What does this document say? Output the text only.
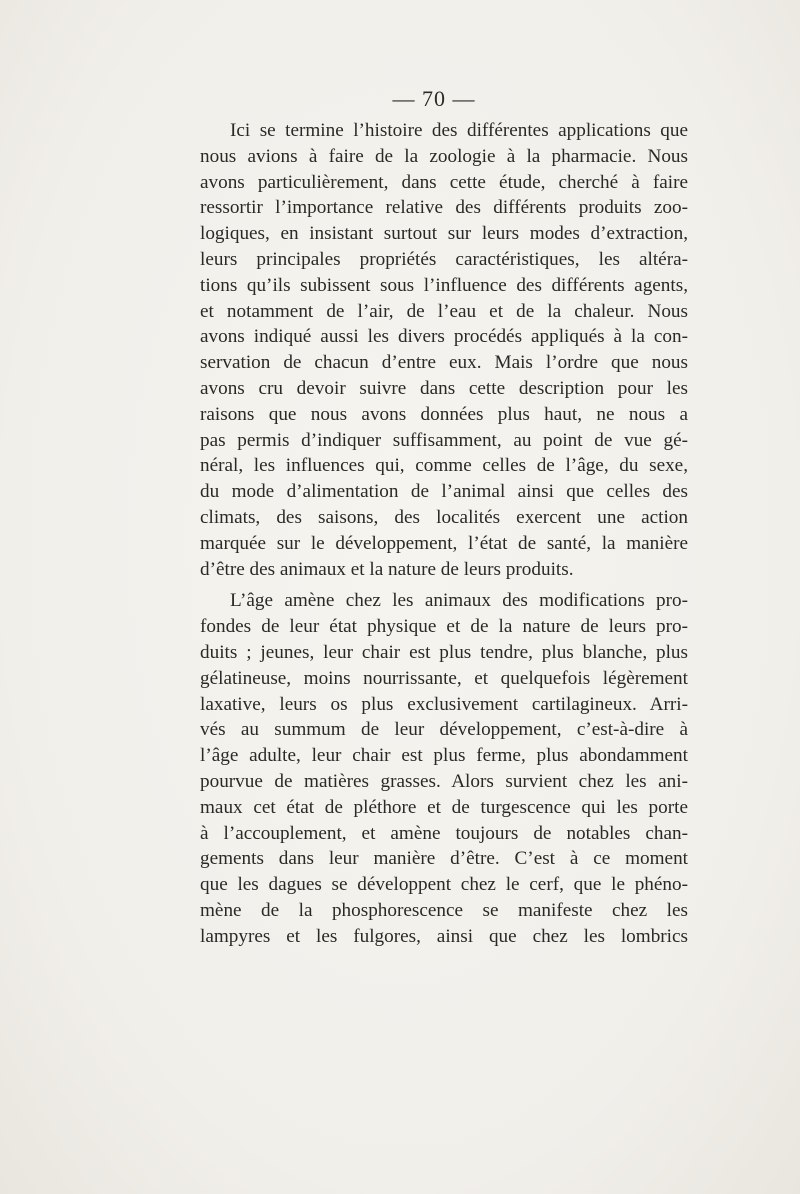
— 70 —
Ici se termine l’histoire des différentes applications que
nous avions à faire de la zoologie à la pharmacie. Nous
avons particulièrement, dans cette étude, cherché à faire
ressortir l’importance relative des différents produits zoo-
logiques, en insistant surtout sur leurs modes d’extraction,
leurs principales propriétés caractéristiques, les altéra-
tions qu’ils subissent sous l’influence des différents agents,
et notamment de l’air, de l’eau et de la chaleur. Nous
avons indiqué aussi les divers procédés appliqués à la con-
servation de chacun d’entre eux. Mais l’ordre que nous
avons cru devoir suivre dans cette description pour les
raisons que nous avons données plus haut, ne nous a
pas permis d’indiquer suffisamment, au point de vue gé-
néral, les influences qui, comme celles de l’âge, du sexe,
du mode d’alimentation de l’animal ainsi que celles des
climats, des saisons, des localités exercent une action
marquée sur le développement, l’état de santé, la manière
d’être des animaux et la nature de leurs produits.
L’âge amène chez les animaux des modifications pro-
fondes de leur état physique et de la nature de leurs pro-
duits ; jeunes, leur chair est plus tendre, plus blanche, plus
gélatineuse, moins nourrissante, et quelquefois légèrement
laxative, leurs os plus exclusivement cartilagineux. Arri-
vés au summum de leur développement, c’est-à-dire à
l’âge adulte, leur chair est plus ferme, plus abondamment
pourvue de matières grasses. Alors survient chez les ani-
maux cet état de pléthore et de turgescence qui les porte
à l’accouplement, et amène toujours de notables chan-
gements dans leur manière d’être. C’est à ce moment
que les dagues se développent chez le cerf, que le phéno-
mène de la phosphorescence se manifeste chez les
lampyres et les fulgores, ainsi que chez les lombrics
